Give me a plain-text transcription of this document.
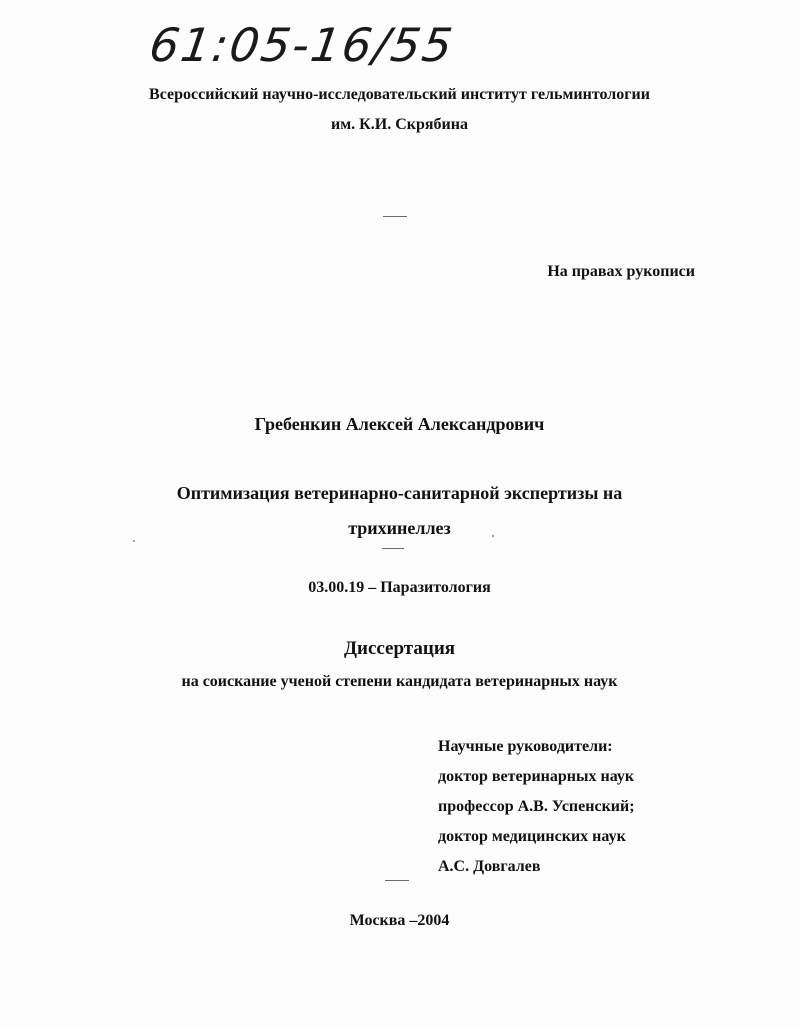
61:05-16/55
Всероссийский научно-исследовательский институт гельминтологии
им. К.И. Скрябина
На правах рукописи
Гребенкин Алексей Александрович
Оптимизация ветеринарно-санитарной экспертизы на
трихинеллез
03.00.19 – Паразитология
Диссертация
на соискание ученой степени кандидата ветеринарных наук
Научные руководители:
доктор ветеринарных наук
профессор А.В. Успенский;
доктор медицинских наук
А.С. Довгалев
Москва –2004
